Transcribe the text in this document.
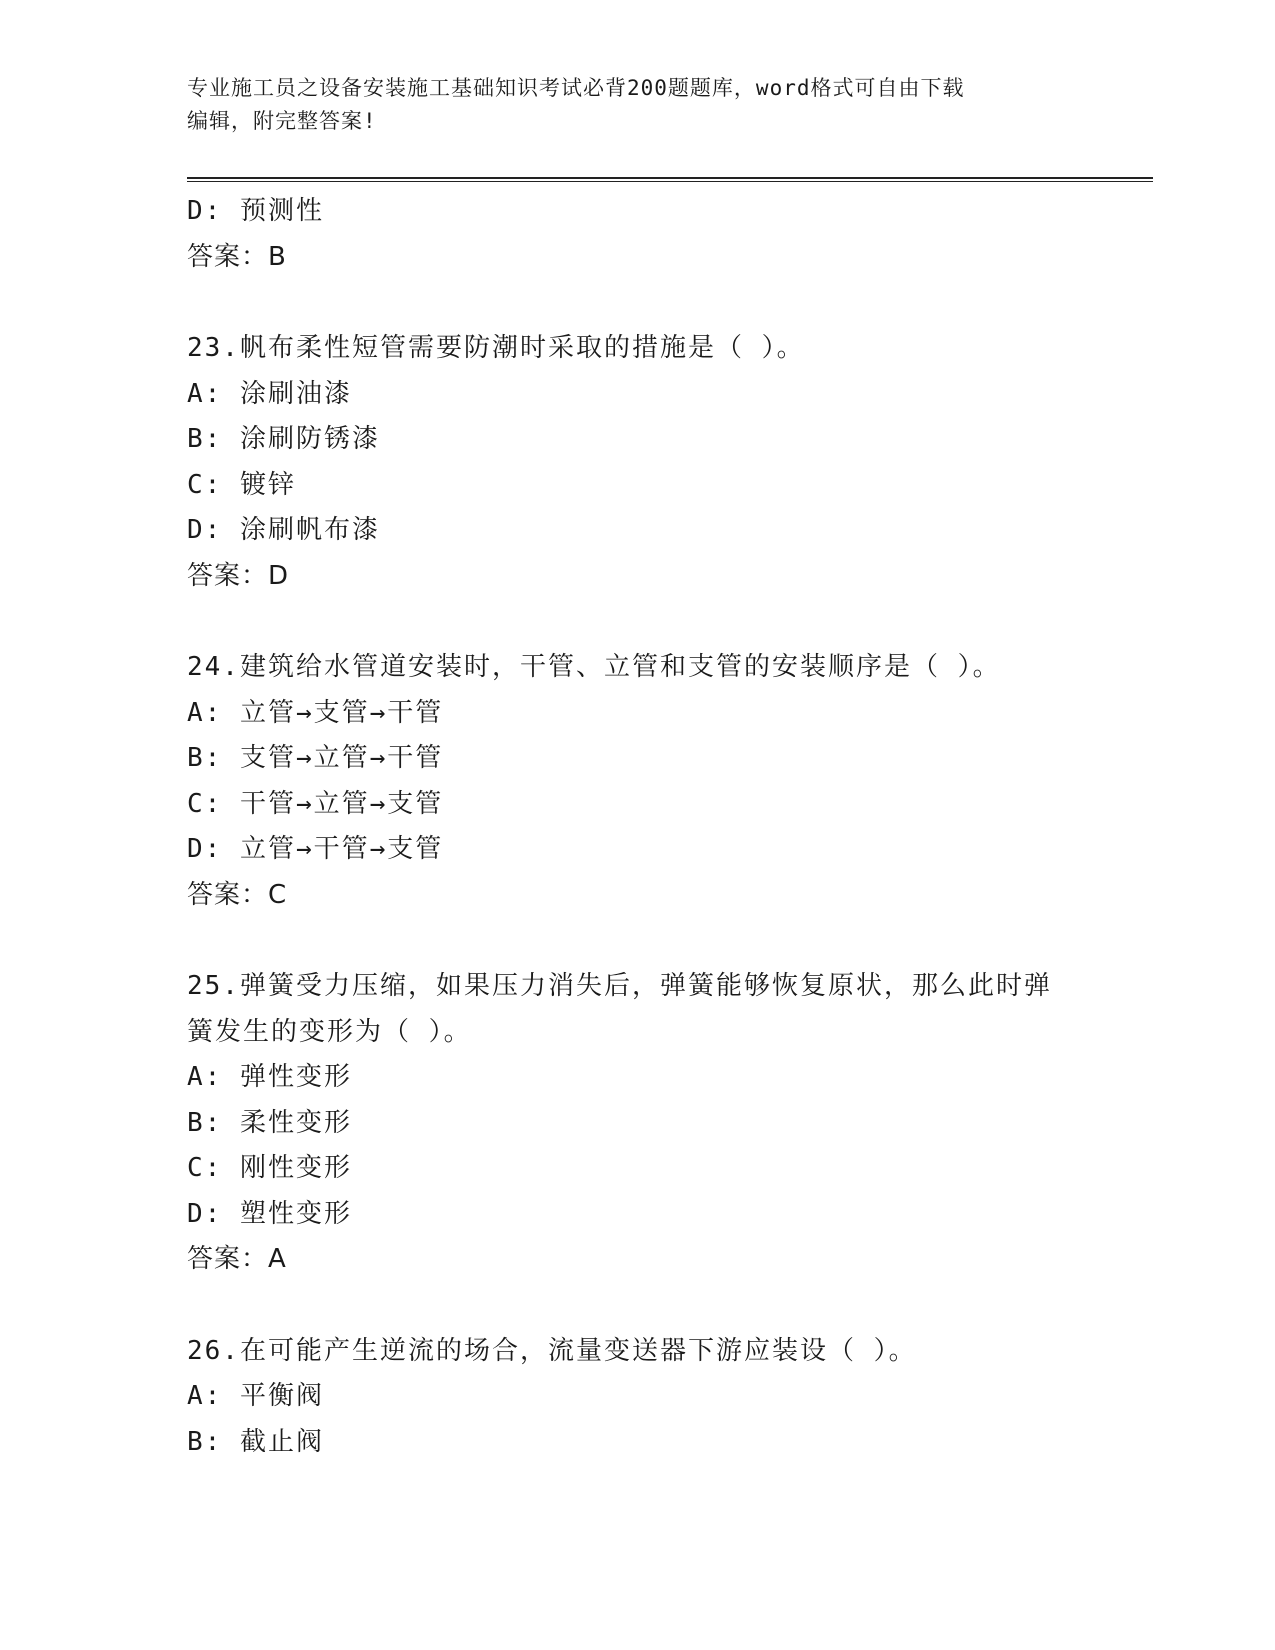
专业施工员之设备安装施工基础知识考试必背200题题库，word格式可自由下载
编辑，附完整答案!
D: 预测性
答案：B
23.帆布柔性短管需要防潮时采取的措施是（ ）。
A: 涂刷油漆
B: 涂刷防锈漆
C: 镀锌
D: 涂刷帆布漆
答案：D
24.建筑给水管道安装时，干管、立管和支管的安装顺序是（ ）。
A: 立管→支管→干管
B: 支管→立管→干管
C: 干管→立管→支管
D: 立管→干管→支管
答案：C
25.弹簧受力压缩，如果压力消失后，弹簧能够恢复原状，那么此时弹
簧发生的变形为（ ）。
A: 弹性变形
B: 柔性变形
C: 刚性变形
D: 塑性变形
答案：A
26.在可能产生逆流的场合，流量变送器下游应装设（ ）。
A: 平衡阀
B: 截止阀
